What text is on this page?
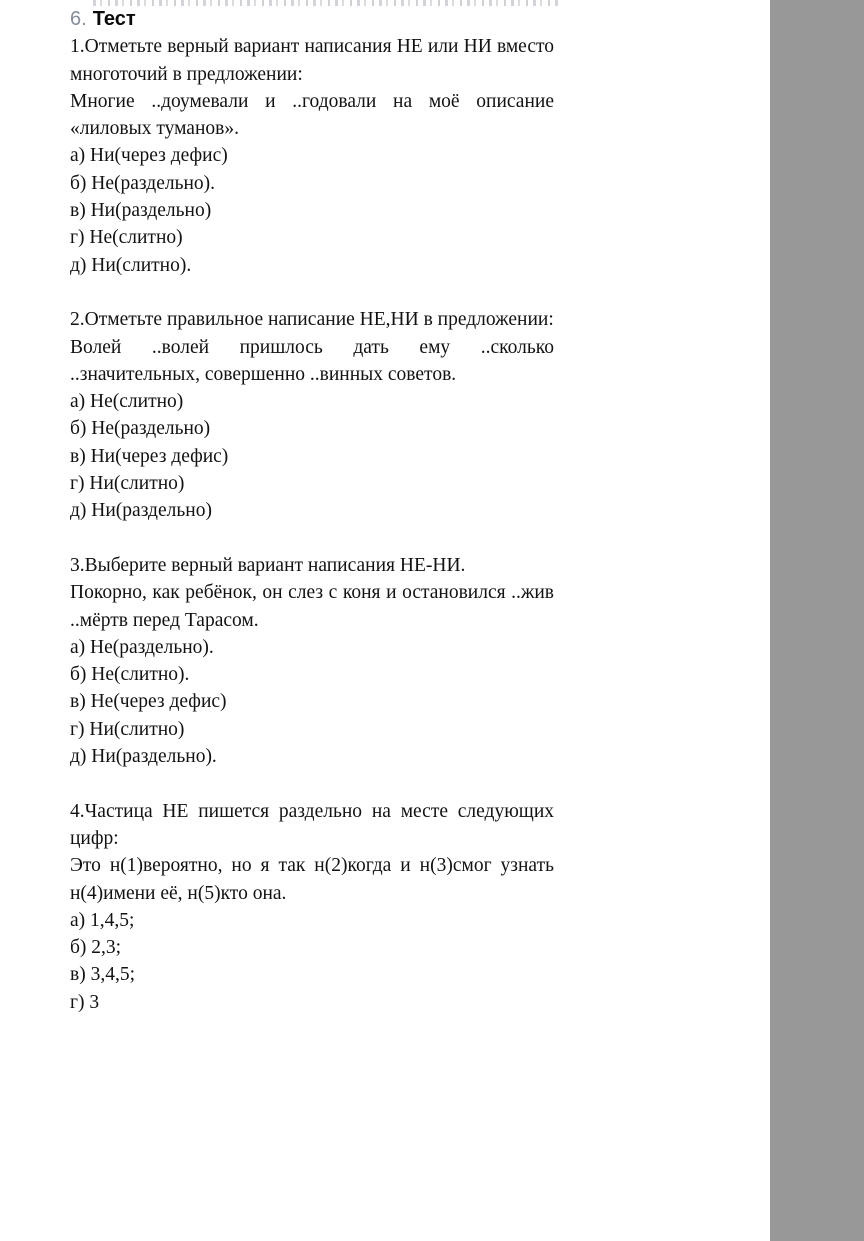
6. Тест

1.Отметьте верный вариант написания НЕ или НИ вместо многоточий в предложении:

Многие ..доумевали и ..годовали на моё описание «лиловых туманов».

а) Ни(через дефис)

б) Не(раздельно).

в) Ни(раздельно)

г) Не(слитно)

д) Ни(слитно).

2.Отметьте правильное написание НЕ,НИ в предложении:

Волей ..волей пришлось дать ему ..сколько ..значительных, совершенно ..винных советов.

а) Не(слитно)

б) Не(раздельно)

в) Ни(через дефис)

г) Ни(слитно)

д) Ни(раздельно)

3.Выберите верный вариант написания НЕ-НИ.

Покорно, как ребёнок, он слез с коня и остановился ..жив ..мёртв перед Тарасом.

а) Не(раздельно).

б) Не(слитно).

в) Не(через дефис)

г) Ни(слитно)

д) Ни(раздельно).

4.Частица НЕ пишется раздельно на месте следующих цифр:

Это н(1)вероятно, но я так н(2)когда и н(3)смог узнать н(4)имени её, н(5)кто она.

а) 1,4,5;

б) 2,3;

в) 3,4,5;

г) 3
